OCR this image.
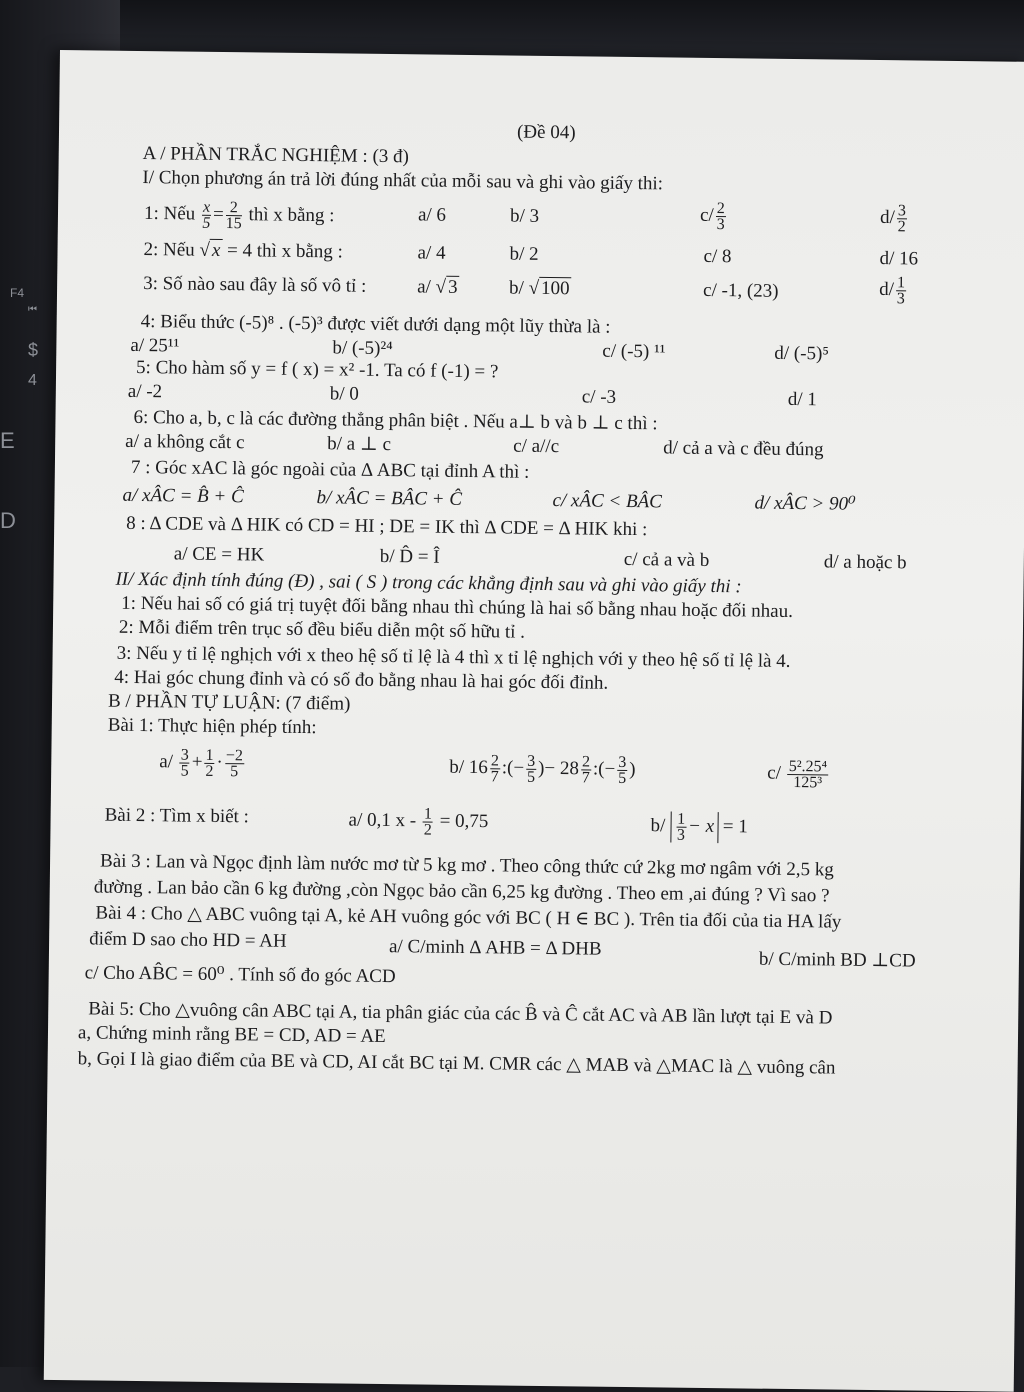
F4
⏮
$
4
E
D
(Đề 04)
A / PHẦN TRẮC NGHIỆM : (3 đ)
I/ Chọn phương án trả lời đúng nhất của mỗi sau và ghi vào giấy thi:
1: Nếu $\frac{x}{5} = \frac{2}{15}$ thì x bằng :	a/ 6	b/ 3	$c/ \frac{2}{3}$	$d/ \frac{3}{2}$
2: Nếu √x = 4 thì x bằng :	a/ 4	b/ 2	c/ 8	d/ 16
3: Số nào sau đây là số vô tỉ :	a/ √3	b/ √100	c/ -1, (23)	$d/ \frac{1}{3}$
4: Biểu thức (-5)⁸ . (-5)³ được viết dưới dạng một lũy thừa là :
a/ 25¹¹	b/ (-5)²⁴	c/ (-5) ¹¹	d/ (-5)⁵
5: Cho hàm số y = f ( x) = x² -1. Ta có f (-1) = ?
a/ -2	b/ 0	c/ -3	d/ 1
6: Cho a, b, c là các đường thẳng phân biệt . Nếu a⊥ b và b ⊥ c thì :
a/ a không cắt c	b/ a ⊥ c	c/ a//c	d/ cả a và c đều đúng
7 : Góc xAC là góc ngoài của Δ ABC tại đỉnh A thì :
a/ xÂC = B̂ + Ĉ	b/ xÂC = BÂC + Ĉ	c/ xÂC < BÂC	d/ xÂC > 90⁰
8 : Δ CDE và Δ HIK có CD = HI ; DE = IK thì Δ CDE = Δ HIK khi :
a/ CE = HK	b/ D̂ = Î	c/ cả a và b	d/ a hoặc b
II/ Xác định tính đúng (Đ) , sai ( S ) trong các khẳng định sau và ghi vào giấy thi :
1: Nếu hai số có giá trị tuyệt đối bằng nhau thì chúng là hai số bằng nhau hoặc đối nhau.
2: Mỗi điểm trên trục số đều biểu diễn một số hữu tỉ .
3: Nếu y tỉ lệ nghịch với x theo hệ số tỉ lệ là 4 thì x tỉ lệ nghịch với y theo hệ số tỉ lệ là 4.
4: Hai góc chung đỉnh và có số đo bằng nhau là hai góc đối đỉnh.
B / PHẦN TỰ LUẬN: (7 điểm)
Bài 1: Thực hiện phép tính:
$a/ \frac{3}{5} + \frac{1}{2} \cdot \frac{-2}{5}$	b/ $16 \frac{2}{7}$ :(− $\frac{3}{5}$ )− $28 \frac{2}{7}$ :(− $\frac{3}{5}$ )	$c/ \frac{\text{5².25⁴}}{\text{125³}}$
Bài 2 : Tìm x biết :	a/ 0,1 $x - \frac{1}{2} = 0,75$	$b/ \frac{1}{3} - x = 1$
Bài 3 : Lan và Ngọc định làm nước mơ từ 5 kg mơ . Theo công thức cứ 2kg mơ ngâm với 2,5 kg
đường . Lan bảo cần 6 kg đường ,còn Ngọc bảo cần 6,25 kg đường . Theo em ,ai đúng ? Vì sao ?
Bài 4 : Cho △ ABC vuông tại A, kẻ AH vuông góc với BC ( H ∈ BC ). Trên tia đối của tia HA lấy
điểm D sao cho HD = AH	a/ C/minh Δ AHB = Δ DHB
b/ C/minh BD ⊥CD
c/ Cho AB̂C = 60⁰ . Tính số đo góc ACD
Bài 5: Cho △vuông cân ABC tại A, tia phân giác của các B̂ và Ĉ cắt AC và AB lần lượt tại E và D
a, Chứng minh rằng BE = CD, AD = AE
b, Gọi I là giao điểm của BE và CD, AI cắt BC tại M. CMR các △ MAB và △MAC là △ vuông cân
